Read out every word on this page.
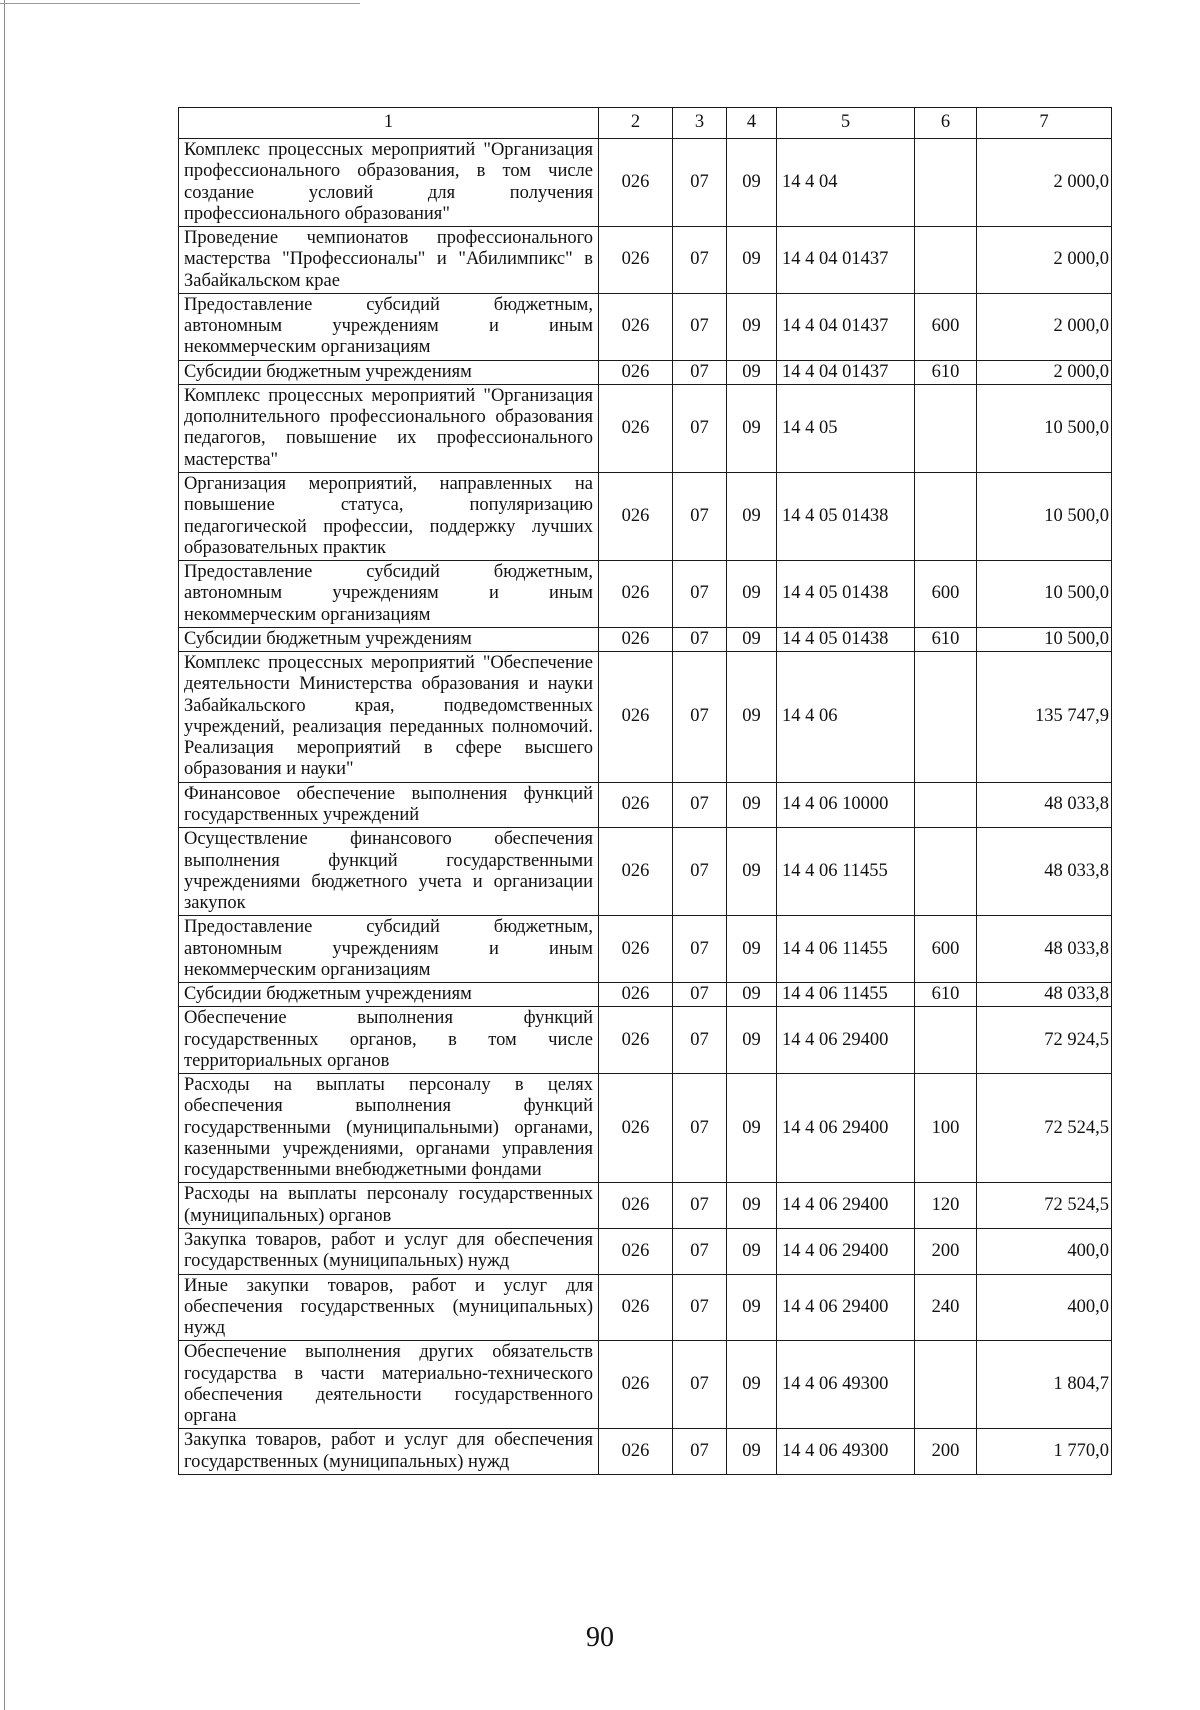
1	2	3	4	5	6	7
Комплекс процессных мероприятий "Организация профессионального образования, в том числе создание условий для получения профессионального образования"	026	07	09	14 4 04		2 000,0
Проведение чемпионатов профессионального мастерства "Профессионалы" и "Абилимпикс" в Забайкальском крае	026	07	09	14 4 04 01437		2 000,0
Предоставление субсидий бюджетным, автономным учреждениям и иным некоммерческим организациям	026	07	09	14 4 04 01437	600	2 000,0
Субсидии бюджетным учреждениям	026	07	09	14 4 04 01437	610	2 000,0
Комплекс процессных мероприятий "Организация дополнительного профессионального образования педагогов, повышение их профессионального мастерства"	026	07	09	14 4 05		10 500,0
Организация мероприятий, направленных на повышение статуса, популяризацию педагогической профессии, поддержку лучших образовательных практик	026	07	09	14 4 05 01438		10 500,0
Предоставление субсидий бюджетным, автономным учреждениям и иным некоммерческим организациям	026	07	09	14 4 05 01438	600	10 500,0
Субсидии бюджетным учреждениям	026	07	09	14 4 05 01438	610	10 500,0
Комплекс процессных мероприятий "Обеспечение деятельности Министерства образования и науки Забайкальского края, подведомственных учреждений, реализация переданных полномочий. Реализация мероприятий в сфере высшего образования и науки"	026	07	09	14 4 06		135 747,9
Финансовое обеспечение выполнения функций государственных учреждений	026	07	09	14 4 06 10000		48 033,8
Осуществление финансового обеспечения выполнения функций государственными учреждениями бюджетного учета и организации закупок	026	07	09	14 4 06 11455		48 033,8
Предоставление субсидий бюджетным, автономным учреждениям и иным некоммерческим организациям	026	07	09	14 4 06 11455	600	48 033,8
Субсидии бюджетным учреждениям	026	07	09	14 4 06 11455	610	48 033,8
Обеспечение выполнения функций государственных органов, в том числе территориальных органов	026	07	09	14 4 06 29400		72 924,5
Расходы на выплаты персоналу в целях обеспечения выполнения функций государственными (муниципальными) органами, казенными учреждениями, органами управления государственными внебюджетными фондами	026	07	09	14 4 06 29400	100	72 524,5
Расходы на выплаты персоналу государственных (муниципальных) органов	026	07	09	14 4 06 29400	120	72 524,5
Закупка товаров, работ и услуг для обеспечения государственных (муниципальных) нужд	026	07	09	14 4 06 29400	200	400,0
Иные закупки товаров, работ и услуг для обеспечения государственных (муниципальных) нужд	026	07	09	14 4 06 29400	240	400,0
Обеспечение выполнения других обязательств государства в части материально-технического обеспечения деятельности государственного органа	026	07	09	14 4 06 49300		1 804,7
Закупка товаров, работ и услуг для обеспечения государственных (муниципальных) нужд	026	07	09	14 4 06 49300	200	1 770,0
90
